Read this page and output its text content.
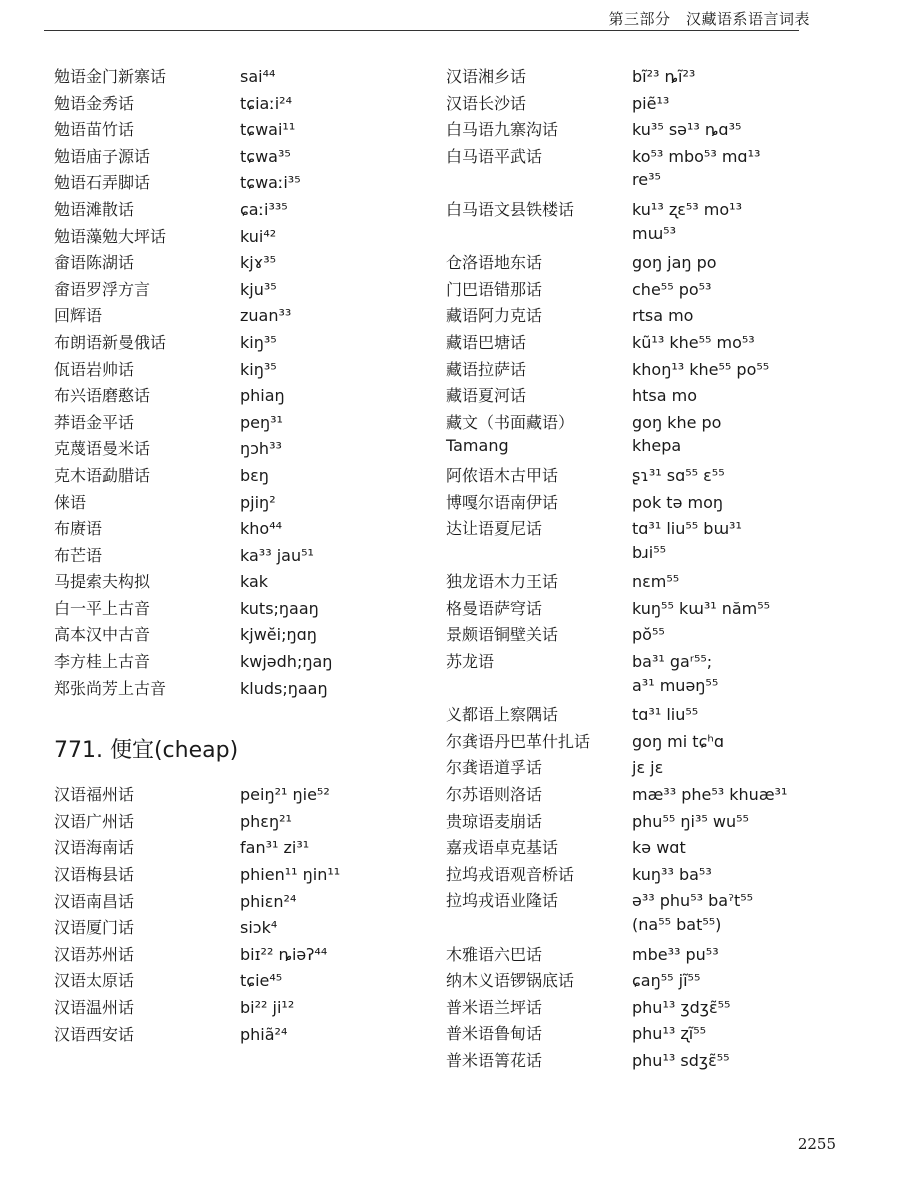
第三部分　汉藏语系语言词表
勉语金门新寨话	sai⁴⁴
勉语金秀话	tɕiaːi²⁴
勉语苗竹话	tɕwai¹¹
勉语庙子源话	tɕwa³⁵
勉语石弄脚话	tɕwaːi³⁵
勉语滩散话	ɕaːi³³⁵
勉语藻勉大坪话	kui⁴²
畲语陈湖话	kjɤ³⁵
畲语罗浮方言	kju³⁵
回辉语	zuan³³
布朗语新曼俄话	kiŋ³⁵
佤语岩帅话	kiŋ³⁵
布兴语磨憨话	phiaŋ
莽语金平话	peŋ³¹
克蔑语曼米话	ŋɔh³³
克木语勐腊话	bɛŋ
俫语	pjiŋ²
布赓语	kho⁴⁴
布芒语	ka³³ jau⁵¹
马提索夫构拟	kak
白一平上古音	kuts;ŋaaŋ
高本汉中古音	kjwĕi;ŋɑŋ
李方桂上古音	kwjədh;ŋaŋ
郑张尚芳上古音	kluds;ŋaaŋ
771. 便宜(cheap)
汉语福州话	peiŋ²¹ ŋie⁵²
汉语广州话	phɛŋ²¹
汉语海南话	fan³¹ zi³¹
汉语梅县话	phien¹¹ ŋin¹¹
汉语南昌话	phiɛn²⁴
汉语厦门话	siɔk⁴
汉语苏州话	biɪ²² ȵiəʔ⁴⁴
汉语太原话	tɕie⁴⁵
汉语温州话	bi²² ji¹²
汉语西安话	phiã²⁴
汉语湘乡话	bĩ²³ ȵĩ²³
汉语长沙话	piẽ¹³
白马语九寨沟话	ku³⁵ sə¹³ ȵɑ³⁵
白马语平武话	ko⁵³ mbo⁵³ mɑ¹³
re³⁵
白马语文县铁楼话	ku¹³ ʐɛ⁵³ mo¹³
mɯ⁵³
仓洛语地东话	goŋ jaŋ po
门巴语错那话	che⁵⁵ po⁵³
藏语阿力克话	rtsa mo
藏语巴塘话	kũ¹³ khe⁵⁵ mo⁵³
藏语拉萨话	khoŋ¹³ khe⁵⁵ po⁵⁵
藏语夏河话	htsa mo
藏文（书面藏语）	goŋ khe po
Tamang	khepa
阿侬语木古甲话	ʂɿ³¹ sɑ⁵⁵ ɛ⁵⁵
博嘎尔语南伊话	pok tə moŋ
达让语夏尼话	tɑ³¹ liu⁵⁵ bɯ³¹
bɹi⁵⁵
独龙语木力王话	nɛm⁵⁵
格曼语萨穹话	kuŋ⁵⁵ kɯ³¹ năm⁵⁵
景颇语铜壁关话	pŏ⁵⁵
苏龙语	ba³¹ gaʳ⁵⁵;
a³¹ muəŋ⁵⁵
义都语上察隅话	tɑ³¹ liu⁵⁵
尔龚语丹巴革什扎话	goŋ mi tɕʰɑ
尔龚语道孚话	jɛ jɛ
尔苏语则洛话	mæ³³ phe⁵³ khuæ³¹
贵琼语麦崩话	phu⁵⁵ ŋi³⁵ wu⁵⁵
嘉戎语卓克基话	kə wɑt
拉坞戎语观音桥话	kuŋ³³ ba⁵³
拉坞戎语业隆话	ə³³ phu⁵³ baˀt⁵⁵
(na⁵⁵ bat⁵⁵)
木雅语六巴话	mbe³³ pu⁵³
纳木义语锣锅底话	ɕaŋ⁵⁵ jĩ⁵⁵
普米语兰坪话	phu¹³ ʒdʒɛ̃⁵⁵
普米语鲁甸话	phu¹³ ʐĩ⁵⁵
普米语箐花话	phu¹³ sdʒɛ̃⁵⁵
2255
